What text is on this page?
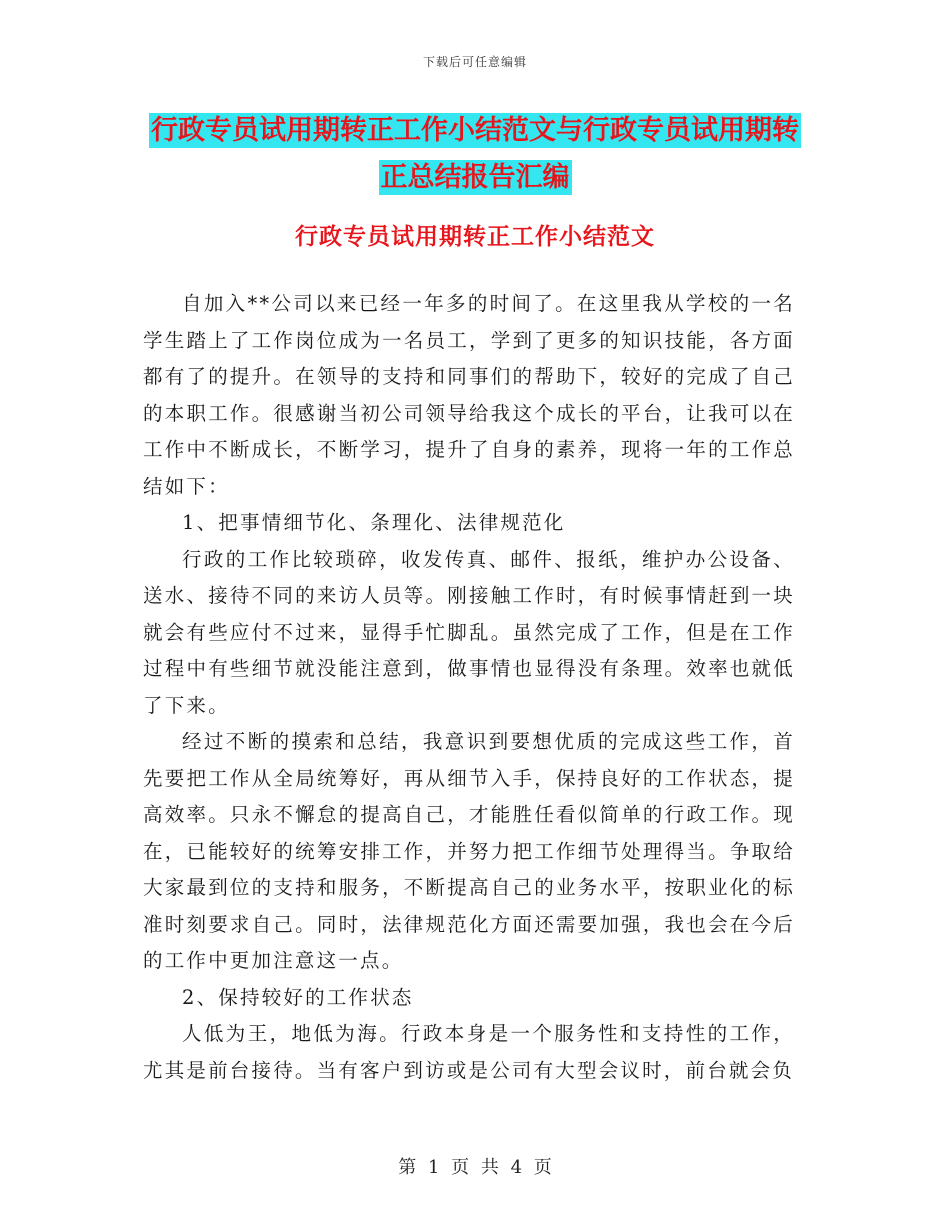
下载后可任意编辑
行政专员试用期转正工作小结范文与行政专员试用期转正总结报告汇编
行政专员试用期转正工作小结范文

自加入**公司以来已经一年多的时间了。在这里我从学校的一名学生踏上了工作岗位成为一名员工，学到了更多的知识技能，各方面都有了的提升。在领导的支持和同事们的帮助下，较好的完成了自己的本职工作。很感谢当初公司领导给我这个成长的平台，让我可以在工作中不断成长，不断学习，提升了自身的素养，现将一年的工作总结如下：

1、把事情细节化、条理化、法律规范化

行政的工作比较琐碎，收发传真、邮件、报纸，维护办公设备、送水、接待不同的来访人员等。刚接触工作时，有时候事情赶到一块就会有些应付不过来，显得手忙脚乱。虽然完成了工作，但是在工作过程中有些细节就没能注意到，做事情也显得没有条理。效率也就低了下来。

经过不断的摸索和总结，我意识到要想优质的完成这些工作，首先要把工作从全局统筹好，再从细节入手，保持良好的工作状态，提高效率。只永不懈怠的提高自己，才能胜任看似简单的行政工作。现在，已能较好的统筹安排工作，并努力把工作细节处理得当。争取给大家最到位的支持和服务，不断提高自己的业务水平，按职业化的标准时刻要求自己。同时，法律规范化方面还需要加强，我也会在今后的工作中更加注意这一点。

2、保持较好的工作状态

人低为王，地低为海。行政本身是一个服务性和支持性的工作，尤其是前台接待。当有客户到访或是公司有大型会议时，前台就会负

第 1 页 共 4 页
